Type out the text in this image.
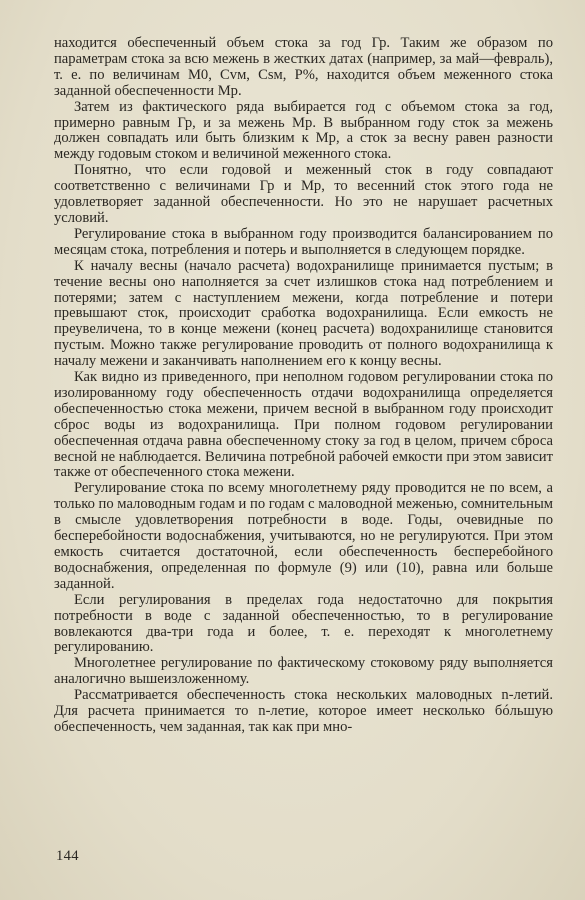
находится обеспеченный объем стока за год Гр. Таким же образом по параметрам стока за всю межень в жестких датах (например, за май—февраль), т. е. по величинам M0, Cvм, Csм, P%, находится объем меженного стока заданной обеспеченности Mр.

Затем из фактического ряда выбирается год с объемом стока за год, примерно равным Гр, и за межень Mр. В выбранном году сток за межень должен совпадать или быть близким к Mр, а сток за весну равен разности между годовым стоком и величиной меженного стока.

Понятно, что если годовой и меженный сток в году совпадают соответственно с величинами Гр и Mр, то весенний сток этого года не удовлетворяет заданной обеспеченности. Но это не нарушает расчетных условий.

Регулирование стока в выбранном году производится балансированием по месяцам стока, потребления и потерь и выполняется в следующем порядке.

К началу весны (начало расчета) водохранилище принимается пустым; в течение весны оно наполняется за счет излишков стока над потреблением и потерями; затем с наступлением межени, когда потребление и потери превышают сток, происходит сработка водохранилища. Если емкость не преувеличена, то в конце межени (конец расчета) водохранилище становится пустым. Можно также регулирование проводить от полного водохранилища к началу межени и заканчивать наполнением его к концу весны.

Как видно из приведенного, при неполном годовом регулировании стока по изолированному году обеспеченность отдачи водохранилища определяется обеспеченностью стока межени, причем весной в выбранном году происходит сброс воды из водохранилища. При полном годовом регулировании обеспеченная отдача равна обеспеченному стоку за год в целом, причем сброса весной не наблюдается. Величина потребной рабочей емкости при этом зависит также от обеспеченного стока межени.

Регулирование стока по всему многолетнему ряду проводится не по всем, а только по маловодным годам и по годам с маловодной меженью, сомнительным в смысле удовлетворения потребности в воде. Годы, очевидные по бесперебойности водоснабжения, учитываются, но не регулируются. При этом емкость считается достаточной, если обеспеченность бесперебойного водоснабжения, определенная по формуле (9) или (10), равна или больше заданной.

Если регулирования в пределах года недостаточно для покрытия потребности в воде с заданной обеспеченностью, то в регулирование вовлекаются два-три года и более, т. е. переходят к многолетнему регулированию.

Многолетнее регулирование по фактическому стоковому ряду выполняется аналогично вышеизложенному.

Рассматривается обеспеченность стока нескольких маловодных n-летий. Для расчета принимается то n-летие, которое имеет несколько бóльшую обеспеченность, чем заданная, так как при мно-

144
